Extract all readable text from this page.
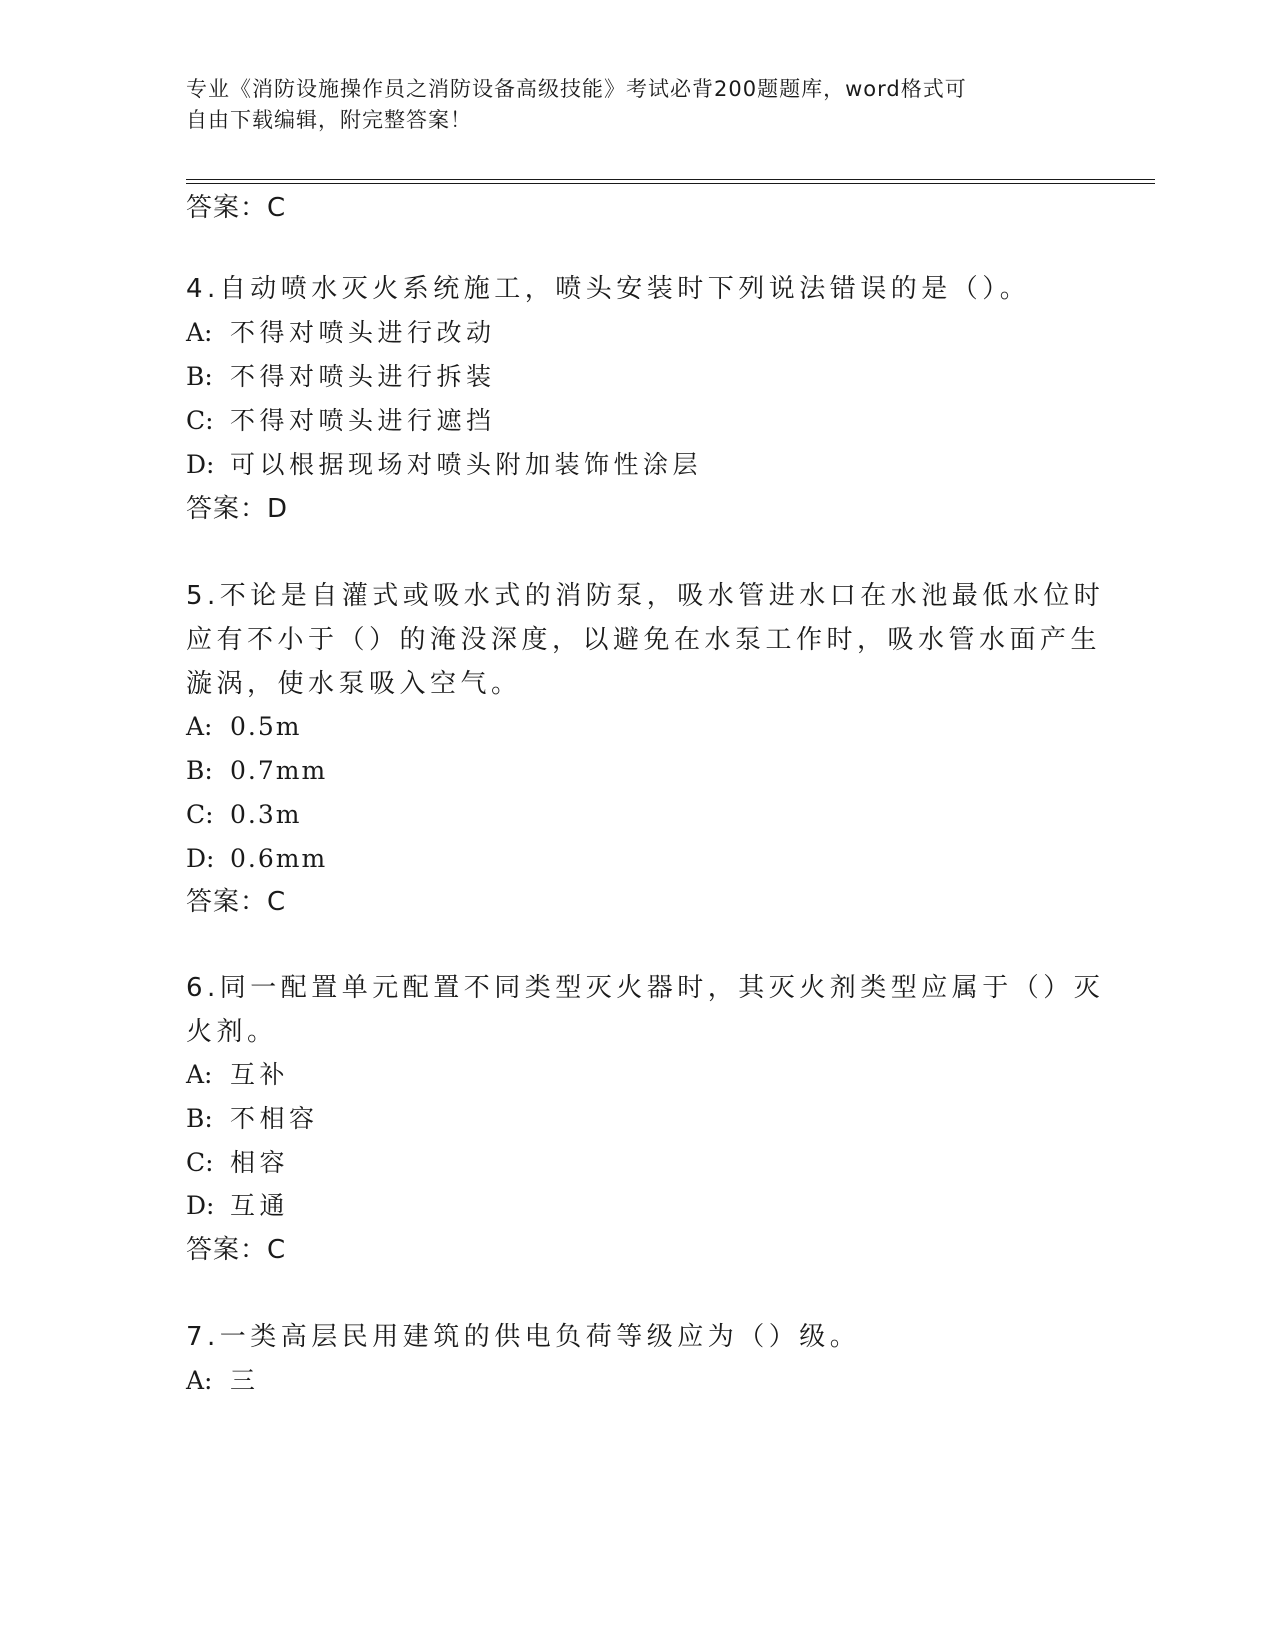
专业《消防设施操作员之消防设备高级技能》考试必背200题题库，word格式可
自由下载编辑，附完整答案！
答案：C
4.自动喷水灭火系统施工，喷头安装时下列说法错误的是（）。
A: 不得对喷头进行改动
B: 不得对喷头进行拆装
C: 不得对喷头进行遮挡
D: 可以根据现场对喷头附加装饰性涂层
答案：D
5.不论是自灌式或吸水式的消防泵，吸水管进水口在水池最低水位时
应有不小于（）的淹没深度，以避免在水泵工作时，吸水管水面产生
漩涡，使水泵吸入空气。
A: 0.5m
B: 0.7mm
C: 0.3m
D: 0.6mm
答案：C
6.同一配置单元配置不同类型灭火器时，其灭火剂类型应属于（）灭
火剂。
A: 互补
B: 不相容
C: 相容
D: 互通
答案：C
7.一类高层民用建筑的供电负荷等级应为（）级。
A: 三
